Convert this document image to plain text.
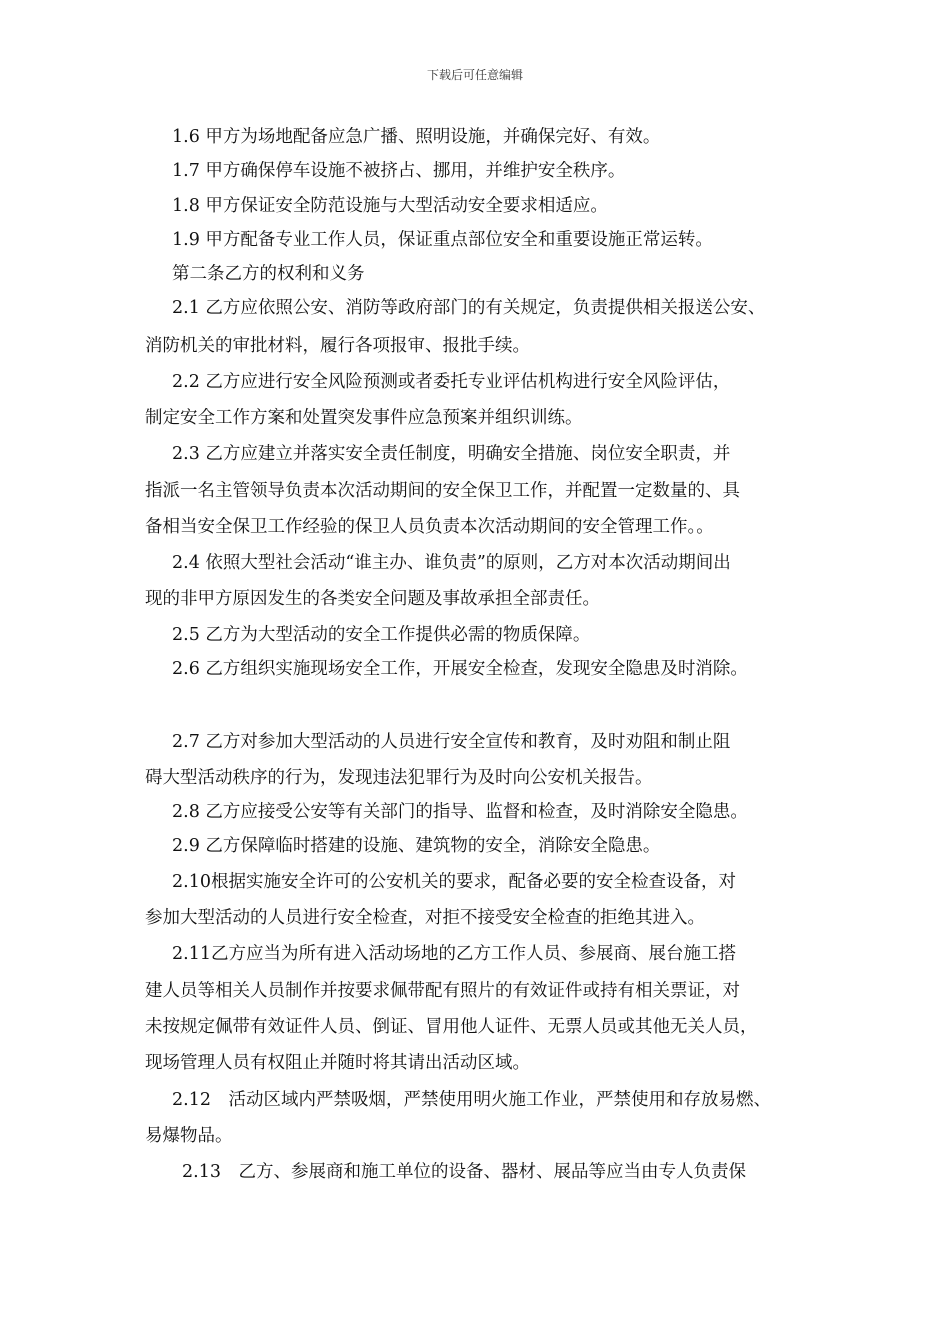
下载后可任意编辑
1.6 甲方为场地配备应急广播、照明设施，并确保完好、有效。
1.7 甲方确保停车设施不被挤占、挪用，并维护安全秩序。
1.8 甲方保证安全防范设施与大型活动安全要求相适应。
1.9 甲方配备专业工作人员，保证重点部位安全和重要设施正常运转。
第二条乙方的权利和义务
2.1 乙方应依照公安、消防等政府部门的有关规定，负责提供相关报送公安、
消防机关的审批材料，履行各项报审、报批手续。
2.2 乙方应进行安全风险预测或者委托专业评估机构进行安全风险评估，
制定安全工作方案和处置突发事件应急预案并组织训练。
2.3 乙方应建立并落实安全责任制度，明确安全措施、岗位安全职责，并
指派一名主管领导负责本次活动期间的安全保卫工作，并配置一定数量的、具
备相当安全保卫工作经验的保卫人员负责本次活动期间的安全管理工作。。
2.4 依照大型社会活动“谁主办、谁负责”的原则，乙方对本次活动期间出
现的非甲方原因发生的各类安全问题及事故承担全部责任。
2.5 乙方为大型活动的安全工作提供必需的物质保障。
2.6 乙方组织实施现场安全工作，开展安全检查，发现安全隐患及时消除。
2.7 乙方对参加大型活动的人员进行安全宣传和教育，及时劝阻和制止阻
碍大型活动秩序的行为，发现违法犯罪行为及时向公安机关报告。
2.8 乙方应接受公安等有关部门的指导、监督和检查，及时消除安全隐患。
2.9 乙方保障临时搭建的设施、建筑物的安全，消除安全隐患。
2.10根据实施安全许可的公安机关的要求，配备必要的安全检查设备，对
参加大型活动的人员进行安全检查，对拒不接受安全检查的拒绝其进入。
2.11乙方应当为所有进入活动场地的乙方工作人员、参展商、展台施工搭
建人员等相关人员制作并按要求佩带配有照片的有效证件或持有相关票证，对
未按规定佩带有效证件人员、倒证、冒用他人证件、无票人员或其他无关人员，
现场管理人员有权阻止并随时将其请出活动区域。
2.12　活动区域内严禁吸烟，严禁使用明火施工作业，严禁使用和存放易燃、
易爆物品。
2.13　乙方、参展商和施工单位的设备、器材、展品等应当由专人负责保
